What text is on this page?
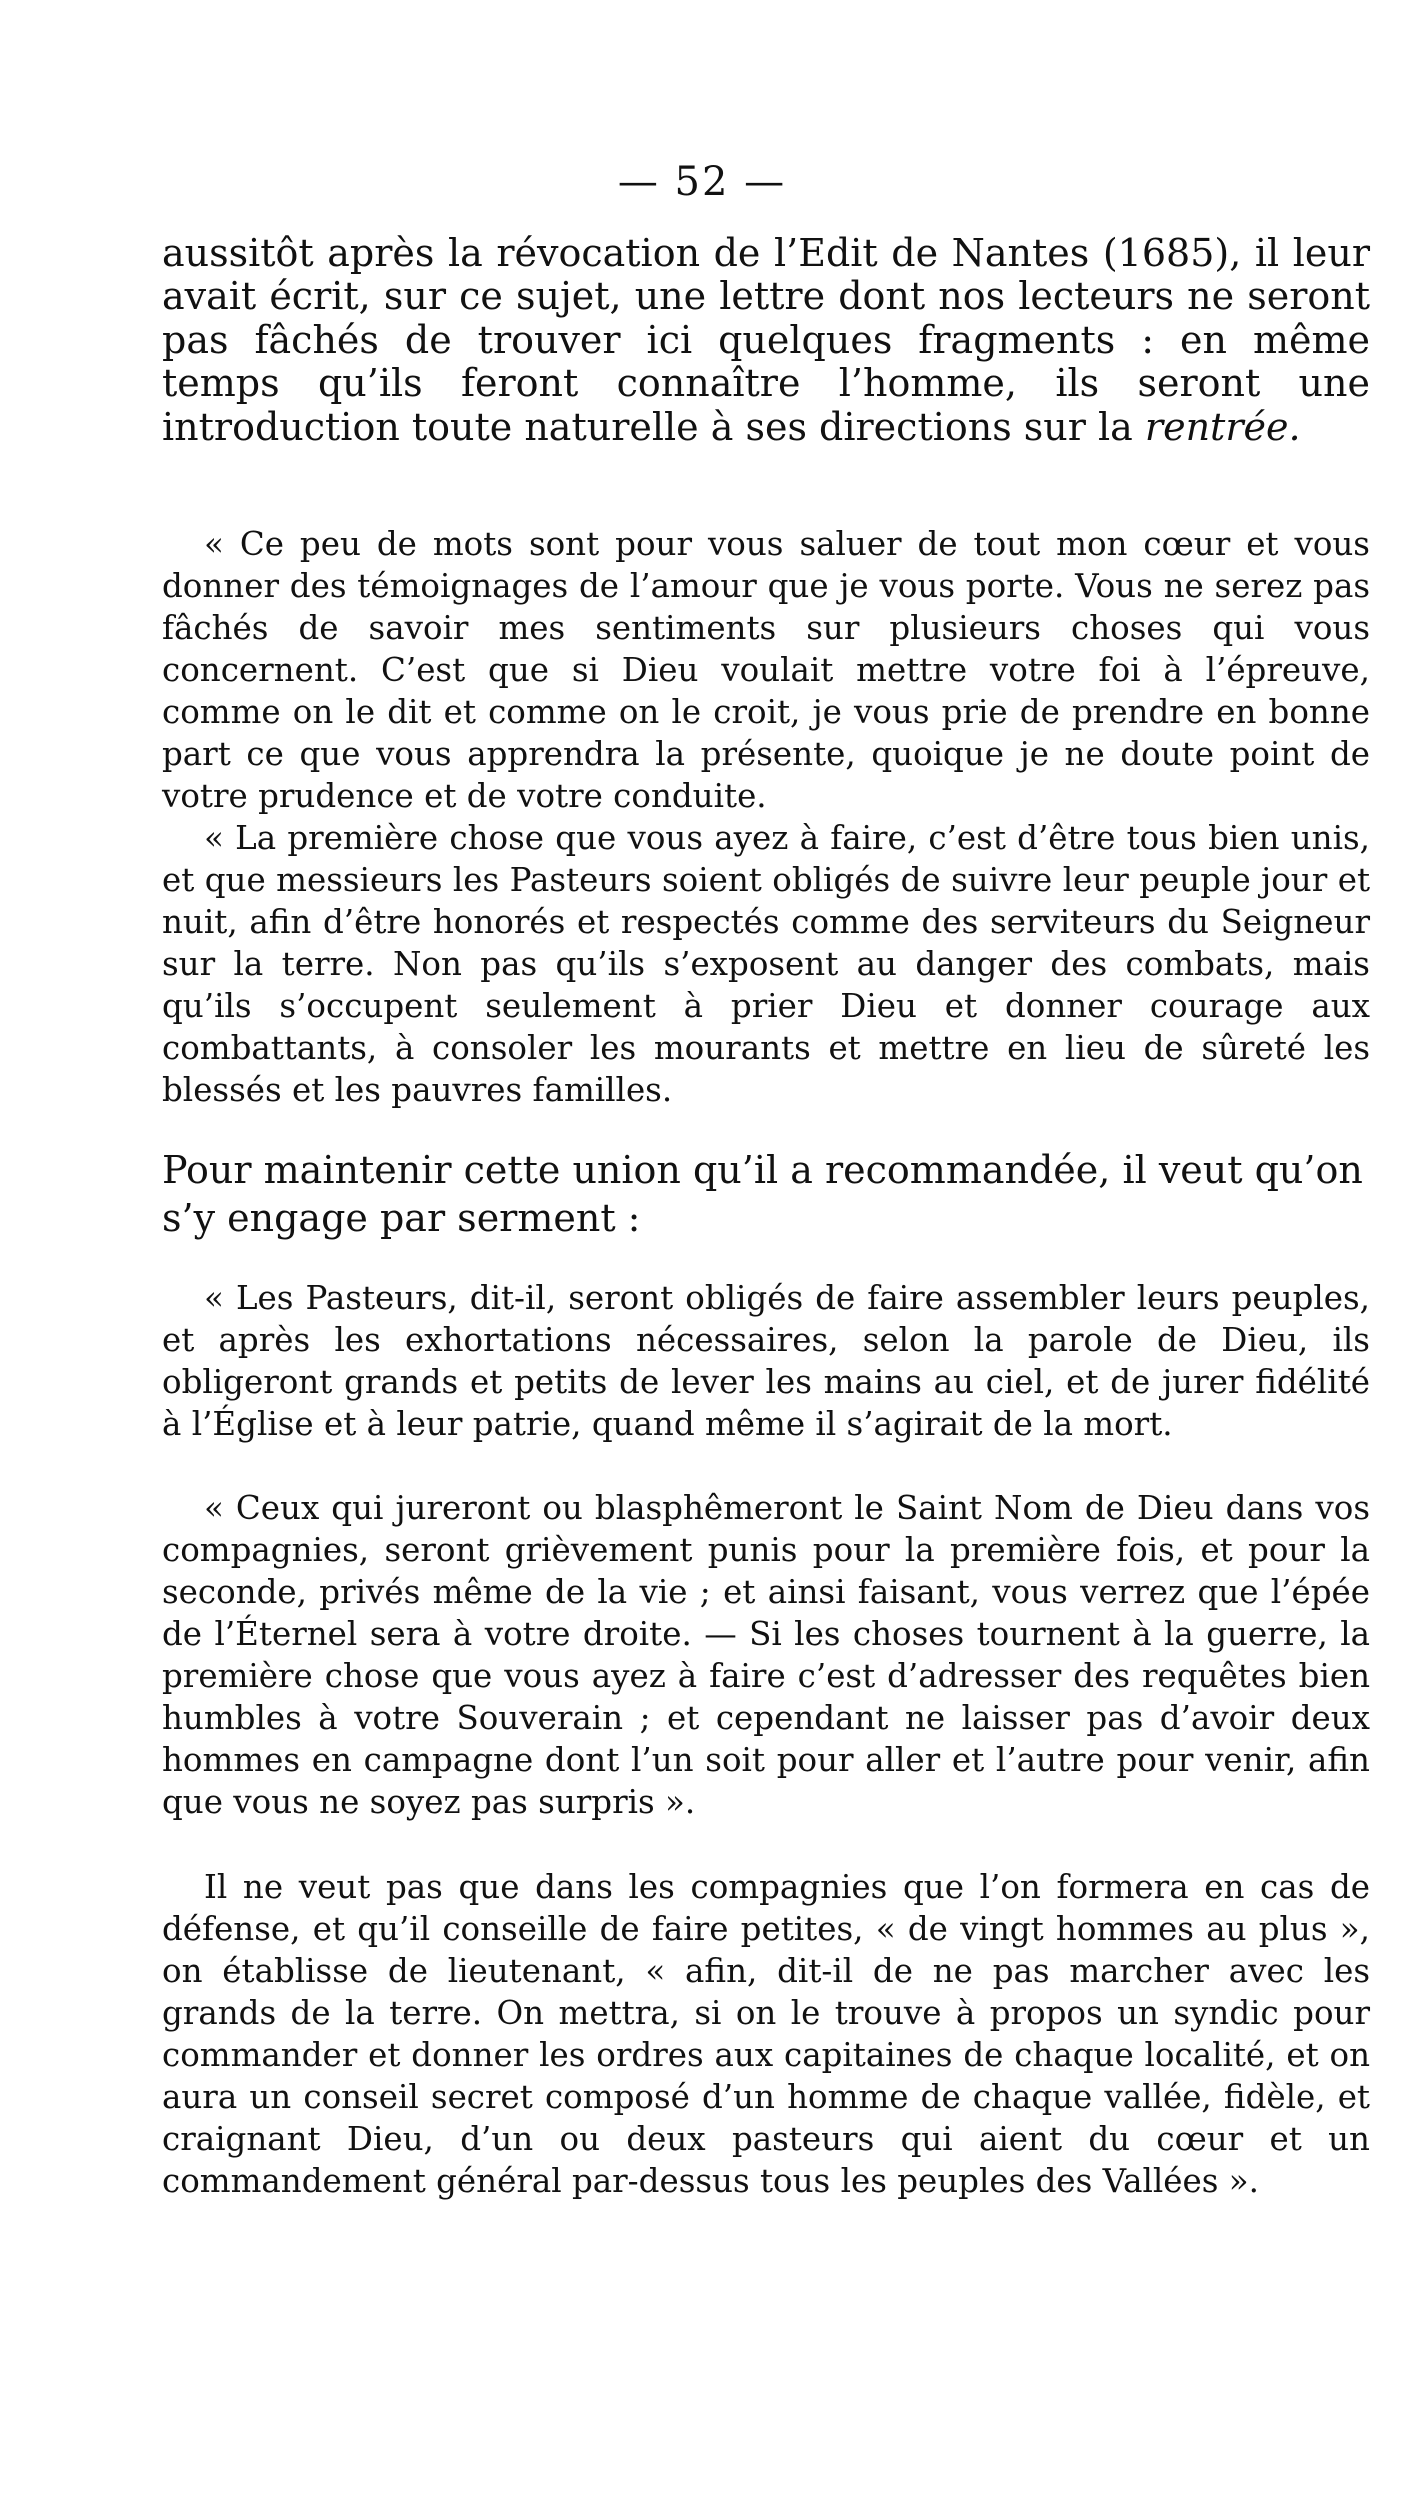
— 52 —

aussitôt après la révocation de l’Edit de Nantes (1685), il leur avait écrit, sur ce sujet, une lettre dont nos lecteurs ne seront pas fâchés de trouver ici quelques fragments : en même temps qu’ils feront connaître l’homme, ils seront une introduction toute naturelle à ses directions sur la rentrée.

« Ce peu de mots sont pour vous saluer de tout mon cœur et vous donner des témoignages de l’amour que je vous porte. Vous ne serez pas fâchés de savoir mes sentiments sur plusieurs choses qui vous concernent. C’est que si Dieu voulait mettre votre foi à l’épreuve, comme on le dit et comme on le croit, je vous prie de prendre en bonne part ce que vous apprendra la présente, quoique je ne doute point de votre prudence et de votre conduite.

« La première chose que vous ayez à faire, c’est d’être tous bien unis, et que messieurs les Pasteurs soient obligés de suivre leur peuple jour et nuit, afin d’être honorés et respectés comme des serviteurs du Seigneur sur la terre. Non pas qu’ils s’exposent au danger des combats, mais qu’ils s’occupent seulement à prier Dieu et donner courage aux combattants, à consoler les mourants et mettre en lieu de sûreté les blessés et les pauvres familles.

Pour maintenir cette union qu’il a recommandée, il veut qu’on s’y engage par serment :

« Les Pasteurs, dit-il, seront obligés de faire assembler leurs peuples, et après les exhortations nécessaires, selon la parole de Dieu, ils obligeront grands et petits de lever les mains au ciel, et de jurer fidélité à l’Église et à leur patrie, quand même il s’agirait de la mort.

« Ceux qui jureront ou blasphêmeront le Saint Nom de Dieu dans vos compagnies, seront grièvement punis pour la première fois, et pour la seconde, privés même de la vie ; et ainsi faisant, vous verrez que l’épée de l’Éternel sera à votre droite. — Si les choses tournent à la guerre, la première chose que vous ayez à faire c’est d’adresser des requêtes bien humbles à votre Souverain ; et cependant ne laisser pas d’avoir deux hommes en campagne dont l’un soit pour aller et l’autre pour venir, afin que vous ne soyez pas surpris ».

Il ne veut pas que dans les compagnies que l’on formera en cas de défense, et qu’il conseille de faire petites, « de vingt hommes au plus », on établisse de lieutenant, « afin, dit-il de ne pas marcher avec les grands de la terre. On mettra, si on le trouve à propos un syndic pour commander et donner les ordres aux capitaines de chaque localité, et on aura un conseil secret composé d’un homme de chaque vallée, fidèle, et craignant Dieu, d’un ou deux pasteurs qui aient du cœur et un commandement général par-dessus tous les peuples des Vallées ».
